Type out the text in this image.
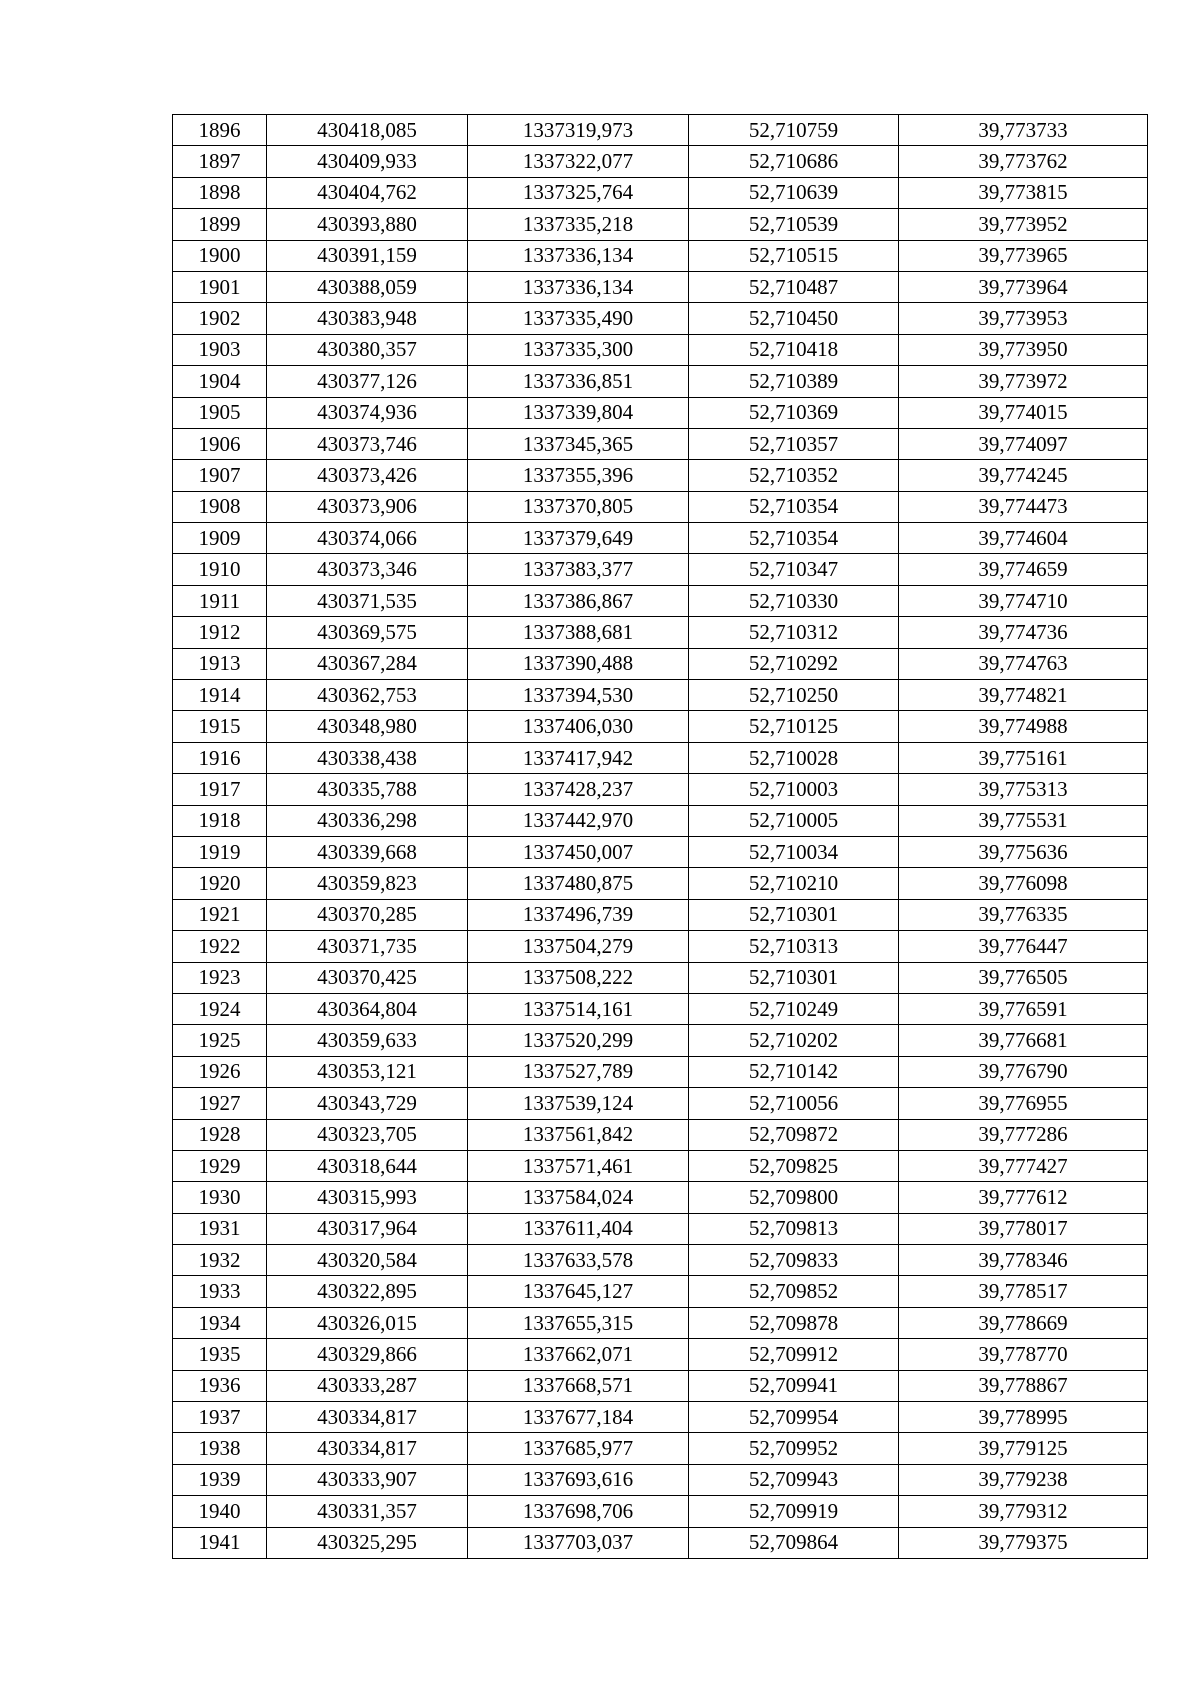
1896	430418,085	1337319,973	52,710759	39,773733
1897	430409,933	1337322,077	52,710686	39,773762
1898	430404,762	1337325,764	52,710639	39,773815
1899	430393,880	1337335,218	52,710539	39,773952
1900	430391,159	1337336,134	52,710515	39,773965
1901	430388,059	1337336,134	52,710487	39,773964
1902	430383,948	1337335,490	52,710450	39,773953
1903	430380,357	1337335,300	52,710418	39,773950
1904	430377,126	1337336,851	52,710389	39,773972
1905	430374,936	1337339,804	52,710369	39,774015
1906	430373,746	1337345,365	52,710357	39,774097
1907	430373,426	1337355,396	52,710352	39,774245
1908	430373,906	1337370,805	52,710354	39,774473
1909	430374,066	1337379,649	52,710354	39,774604
1910	430373,346	1337383,377	52,710347	39,774659
1911	430371,535	1337386,867	52,710330	39,774710
1912	430369,575	1337388,681	52,710312	39,774736
1913	430367,284	1337390,488	52,710292	39,774763
1914	430362,753	1337394,530	52,710250	39,774821
1915	430348,980	1337406,030	52,710125	39,774988
1916	430338,438	1337417,942	52,710028	39,775161
1917	430335,788	1337428,237	52,710003	39,775313
1918	430336,298	1337442,970	52,710005	39,775531
1919	430339,668	1337450,007	52,710034	39,775636
1920	430359,823	1337480,875	52,710210	39,776098
1921	430370,285	1337496,739	52,710301	39,776335
1922	430371,735	1337504,279	52,710313	39,776447
1923	430370,425	1337508,222	52,710301	39,776505
1924	430364,804	1337514,161	52,710249	39,776591
1925	430359,633	1337520,299	52,710202	39,776681
1926	430353,121	1337527,789	52,710142	39,776790
1927	430343,729	1337539,124	52,710056	39,776955
1928	430323,705	1337561,842	52,709872	39,777286
1929	430318,644	1337571,461	52,709825	39,777427
1930	430315,993	1337584,024	52,709800	39,777612
1931	430317,964	1337611,404	52,709813	39,778017
1932	430320,584	1337633,578	52,709833	39,778346
1933	430322,895	1337645,127	52,709852	39,778517
1934	430326,015	1337655,315	52,709878	39,778669
1935	430329,866	1337662,071	52,709912	39,778770
1936	430333,287	1337668,571	52,709941	39,778867
1937	430334,817	1337677,184	52,709954	39,778995
1938	430334,817	1337685,977	52,709952	39,779125
1939	430333,907	1337693,616	52,709943	39,779238
1940	430331,357	1337698,706	52,709919	39,779312
1941	430325,295	1337703,037	52,709864	39,779375
